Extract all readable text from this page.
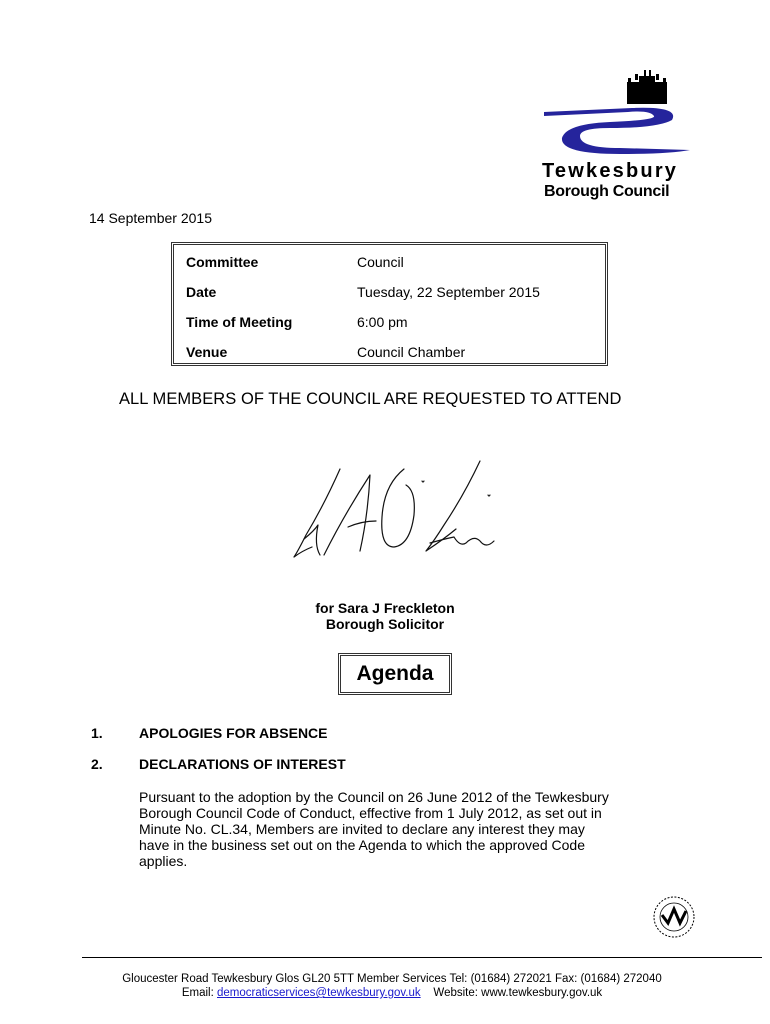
Tewkesbury
Borough Council
14 September 2015
Committee	Council
Date	Tuesday, 22 September 2015
Time of Meeting	6:00 pm
Venue	Council Chamber
ALL MEMBERS OF THE COUNCIL ARE REQUESTED TO ATTEND
for Sara J Freckleton
Borough Solicitor
Agenda
1.	APOLOGIES FOR ABSENCE
2.	DECLARATIONS OF INTEREST
Pursuant to the adoption by the Council on 26 June 2012 of the Tewkesbury Borough Council Code of Conduct, effective from 1 July 2012, as set out in Minute No. CL.34, Members are invited to declare any interest they may have in the business set out on the Agenda to which the approved Code applies.
Gloucester Road Tewkesbury Glos GL20 5TT Member Services Tel: (01684) 272021 Fax: (01684) 272040
Email: democraticservices@tewkesbury.gov.uk Website: www.tewkesbury.gov.uk
